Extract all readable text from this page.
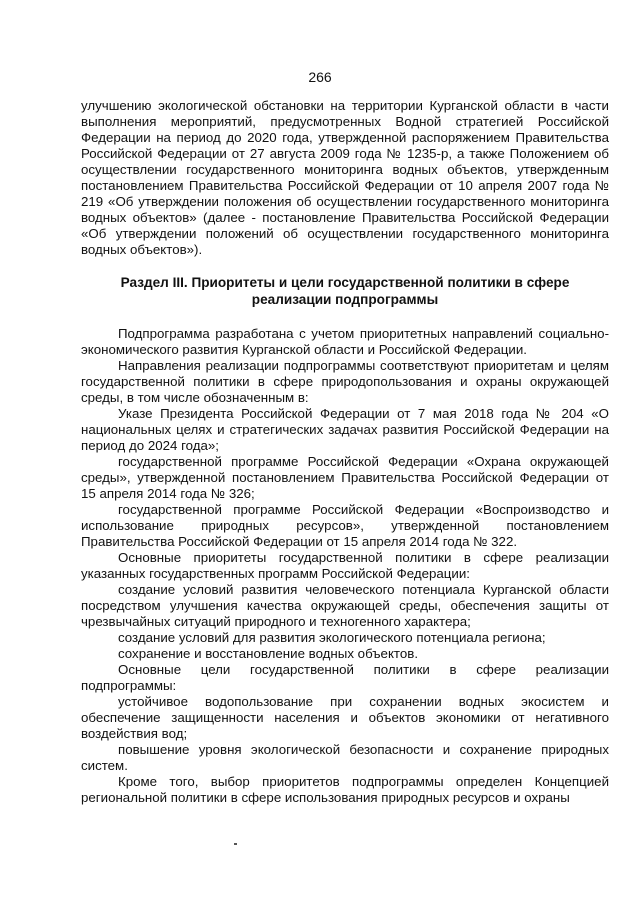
266

улучшению экологической обстановки на территории Курганской области в части выполнения мероприятий, предусмотренных Водной стратегией Российской Федерации на период до 2020 года, утвержденной распоряжением Правительства Российской Федерации от 27 августа 2009 года № 1235-р, а также Положением об осуществлении государственного мониторинга водных объектов, утвержденным постановлением Правительства Российской Федерации от 10 апреля 2007 года № 219 «Об утверждении положения об осуществлении государственного мониторинга водных объектов» (далее - постановление Правительства Российской Федерации «Об утверждении положений об осуществлении государственного мониторинга водных объектов»).

Раздел III. Приоритеты и цели государственной политики в сфере реализации подпрограммы

Подпрограмма разработана с учетом приоритетных направлений социально-экономического развития Курганской области и Российской Федерации.

Направления реализации подпрограммы соответствуют приоритетам и целям государственной политики в сфере природопользования и охраны окружающей среды, в том числе обозначенным в:

Указе Президента Российской Федерации от 7 мая 2018 года № 204 «О национальных целях и стратегических задачах развития Российской Федерации на период до 2024 года»;

государственной программе Российской Федерации «Охрана окружающей среды», утвержденной постановлением Правительства Российской Федерации от 15 апреля 2014 года № 326;

государственной программе Российской Федерации «Воспроизводство и использование природных ресурсов», утвержденной постановлением Правительства Российской Федерации от 15 апреля 2014 года № 322.

Основные приоритеты государственной политики в сфере реализации указанных государственных программ Российской Федерации:

создание условий развития человеческого потенциала Курганской области посредством улучшения качества окружающей среды, обеспечения защиты от чрезвычайных ситуаций природного и техногенного характера;

создание условий для развития экологического потенциала региона;

сохранение и восстановление водных объектов.

Основные цели государственной политики в сфере реализации подпрограммы:

устойчивое водопользование при сохранении водных экосистем и обеспечение защищенности населения и объектов экономики от негативного воздействия вод;

повышение уровня экологической безопасности и сохранение природных систем.

Кроме того, выбор приоритетов подпрограммы определен Концепцией региональной политики в сфере использования природных ресурсов и охраны
